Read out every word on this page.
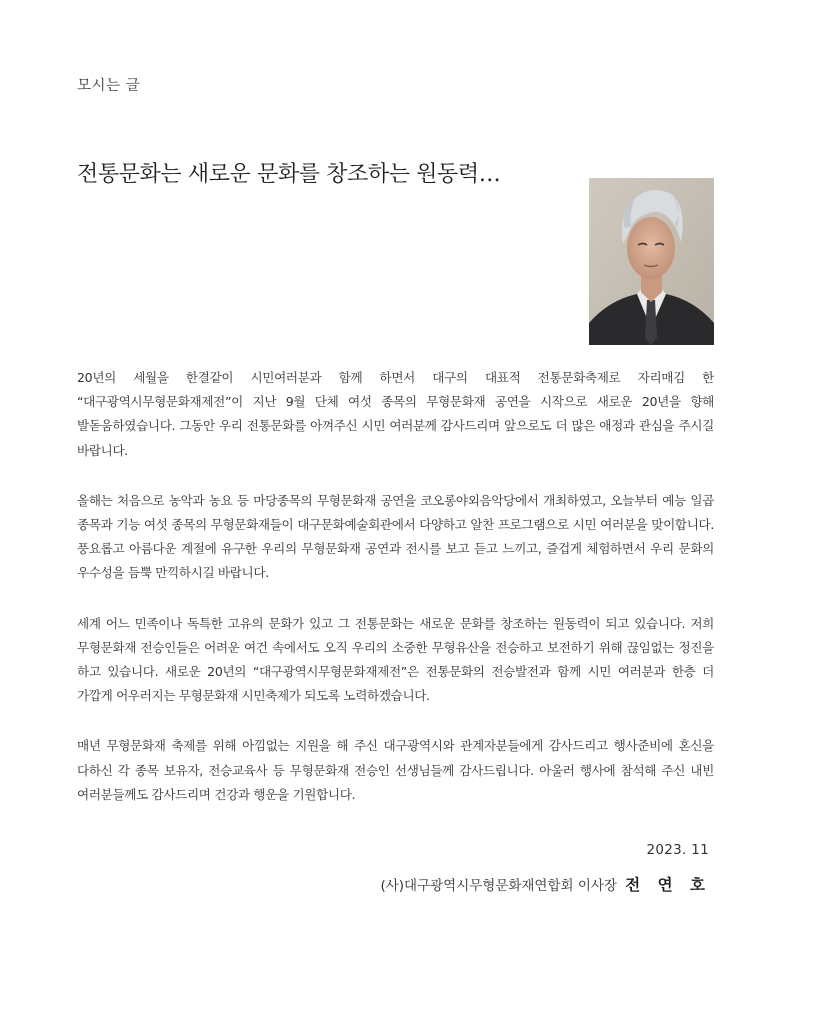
모시는 글
전통문화는 새로운 문화를 창조하는 원동력…

20년의 세월을 한결같이 시민여러분과 함께 하면서 대구의 대표적 전통문화축제로 자리매김 한 “대구광역시무형문화재제전”이 지난 9월 단체 여섯 종목의 무형문화재 공연을 시작으로 새로운 20년을 향해 발돋움하였습니다. 그동안 우리 전통문화를 아껴주신 시민 여러분께 감사드리며 앞으로도 더 많은 애정과 관심을 주시길 바랍니다.

올해는 처음으로 농악과 농요 등 마당종목의 무형문화재 공연을 코오롱야외음악당에서 개최하였고, 오늘부터 예능 일곱 종목과 기능 여섯 종목의 무형문화재들이 대구문화예술회관에서 다양하고 알찬 프로그램으로 시민 여러분을 맞이합니다. 풍요롭고 아름다운 계절에 유구한 우리의 무형문화재 공연과 전시를 보고 듣고 느끼고, 즐겁게 체험하면서 우리 문화의 우수성을 듬뿍 만끽하시길 바랍니다.

세계 어느 민족이나 독특한 고유의 문화가 있고 그 전통문화는 새로운 문화를 창조하는 원동력이 되고 있습니다. 저희 무형문화재 전승인들은 어려운 여건 속에서도 오직 우리의 소중한 무형유산을 전승하고 보전하기 위해 끊임없는 정진을 하고 있습니다. 새로운 20년의 “대구광역시무형문화재제전”은 전통문화의 전승발전과 함께 시민 여러분과 한층 더 가깝게 어우러지는 무형문화재 시민축제가 되도록 노력하겠습니다.

매년 무형문화재 축제를 위해 아낌없는 지원을 해 주신 대구광역시와 관계자분들에게 감사드리고 행사준비에 혼신을 다하신 각 종목 보유자, 전승교육사 등 무형문화재 전승인 선생님들께 감사드립니다. 아울러 행사에 참석해 주신 내빈 여러분들께도 감사드리며 건강과 행운을 기원합니다.

2023. 11
(사)대구광역시무형문화재연합회 이사장 전 연 호
